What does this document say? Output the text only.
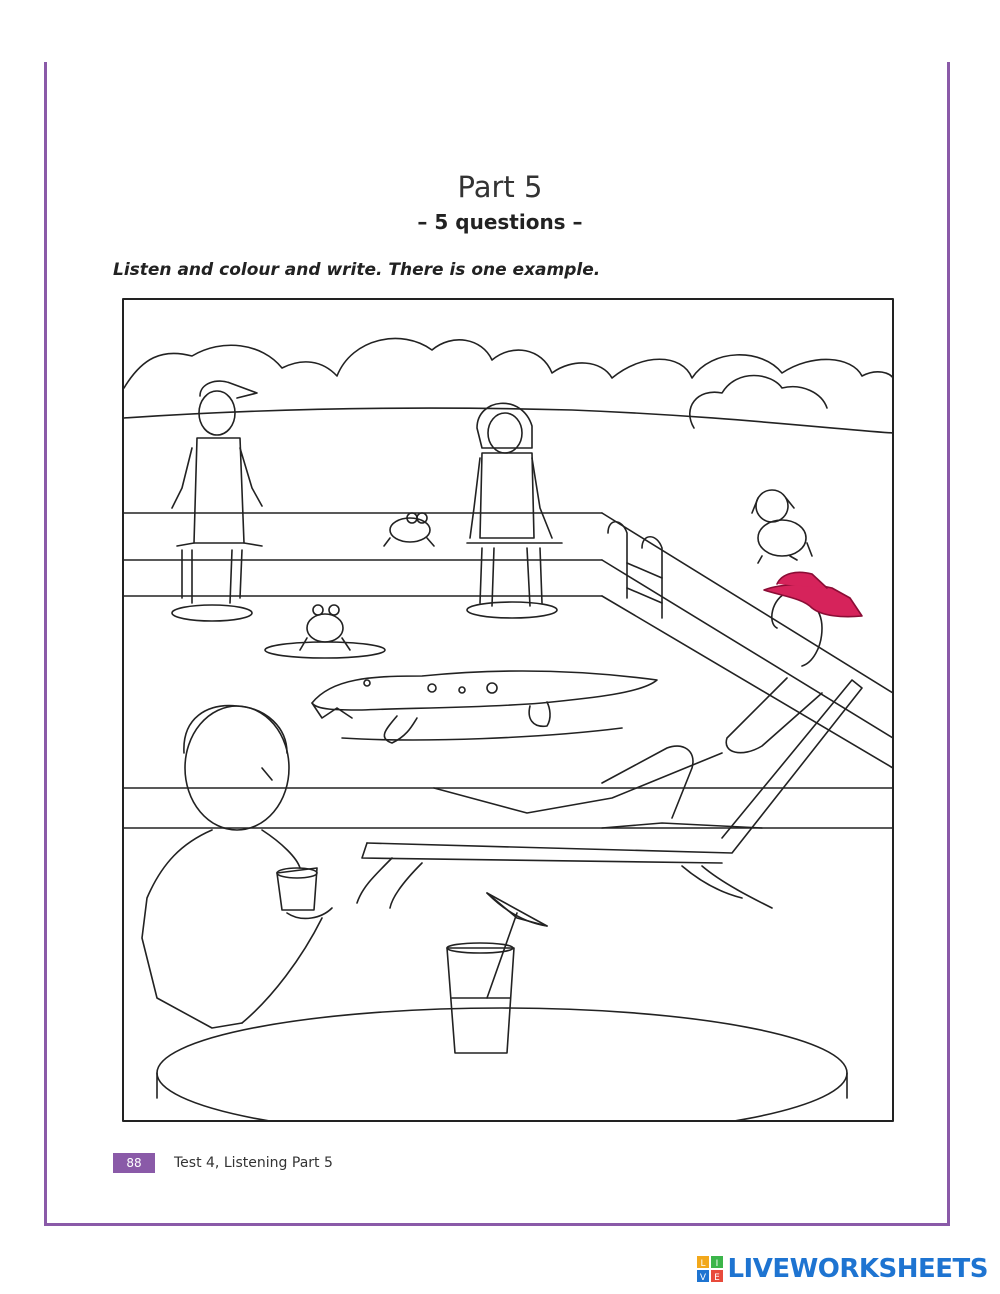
Part 5
– 5 questions –
Listen and colour and write. There is one example.
88	Test 4, Listening Part 5
L I
V E LIVEWORKSHEETS
